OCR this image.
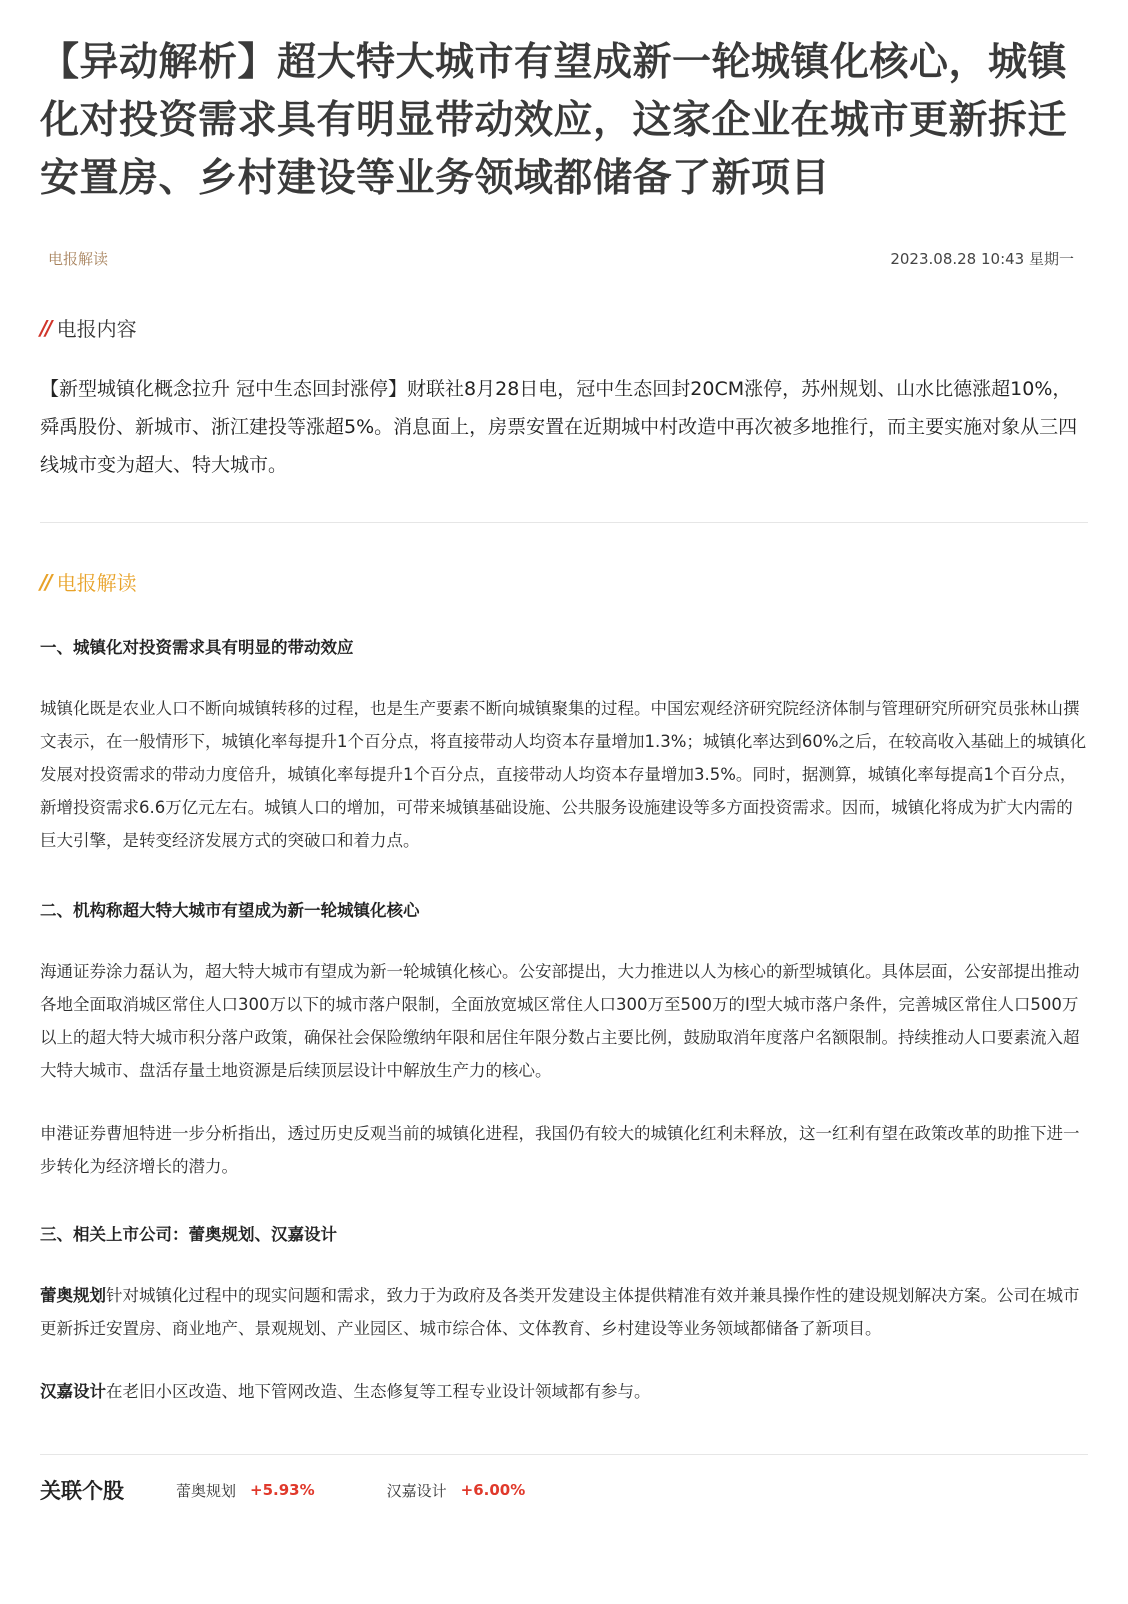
【异动解析】超大特大城市有望成新一轮城镇化核心，城镇化对投资需求具有明显带动效应，这家企业在城市更新拆迁安置房、乡村建设等业务领域都储备了新项目
电报解读	2023.08.28 10:43 星期一
// 电报内容

【新型城镇化概念拉升 冠中生态回封涨停】财联社8月28日电，冠中生态回封20CM涨停，苏州规划、山水比德涨超10%，舜禹股份、新城市、浙江建投等涨超5%。消息面上，房票安置在近期城中村改造中再次被多地推行，而主要实施对象从三四线城市变为超大、特大城市。

// 电报解读
一、城镇化对投资需求具有明显的带动效应

城镇化既是农业人口不断向城镇转移的过程，也是生产要素不断向城镇聚集的过程。中国宏观经济研究院经济体制与管理研究所研究员张林山撰文表示，在一般情形下，城镇化率每提升1个百分点，将直接带动人均资本存量增加1.3%；城镇化率达到60%之后，在较高收入基础上的城镇化发展对投资需求的带动力度倍升，城镇化率每提升1个百分点，直接带动人均资本存量增加3.5%。同时，据测算，城镇化率每提高1个百分点，新增投资需求6.6万亿元左右。城镇人口的增加，可带来城镇基础设施、公共服务设施建设等多方面投资需求。因而，城镇化将成为扩大内需的巨大引擎，是转变经济发展方式的突破口和着力点。

二、机构称超大特大城市有望成为新一轮城镇化核心

海通证券涂力磊认为，超大特大城市有望成为新一轮城镇化核心。公安部提出，大力推进以人为核心的新型城镇化。具体层面，公安部提出推动各地全面取消城区常住人口300万以下的城市落户限制，全面放宽城区常住人口300万至500万的Ⅰ型大城市落户条件，完善城区常住人口500万以上的超大特大城市积分落户政策，确保社会保险缴纳年限和居住年限分数占主要比例，鼓励取消年度落户名额限制。持续推动人口要素流入超大特大城市、盘活存量土地资源是后续顶层设计中解放生产力的核心。

申港证券曹旭特进一步分析指出，透过历史反观当前的城镇化进程，我国仍有较大的城镇化红利未释放，这一红利有望在政策改革的助推下进一步转化为经济增长的潜力。

三、相关上市公司：蕾奥规划、汉嘉设计

蕾奥规划针对城镇化过程中的现实问题和需求，致力于为政府及各类开发建设主体提供精准有效并兼具操作性的建设规划解决方案。公司在城市更新拆迁安置房、商业地产、景观规划、产业园区、城市综合体、文体教育、乡村建设等业务领域都储备了新项目。

汉嘉设计在老旧小区改造、地下管网改造、生态修复等工程专业设计领域都有参与。

关联个股	蕾奥规划 +5.93%	汉嘉设计 +6.00%
